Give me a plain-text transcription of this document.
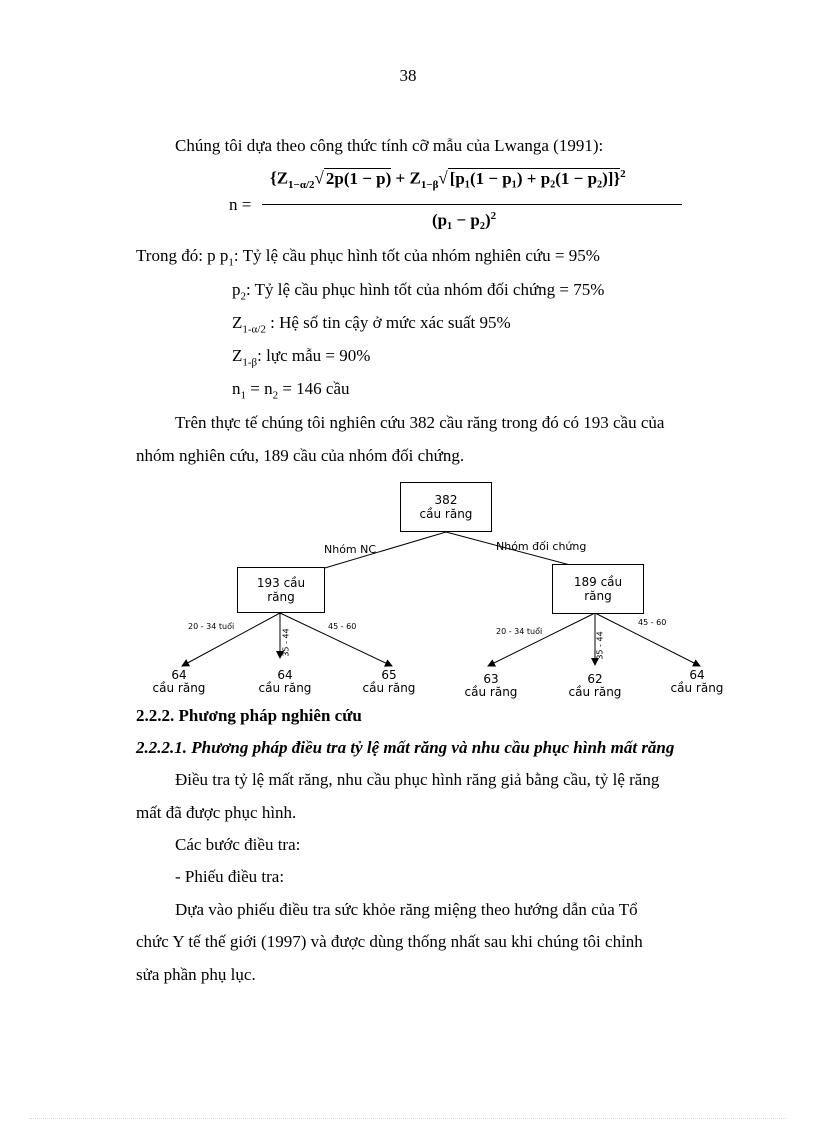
38
Chúng tôi dựa theo công thức tính cỡ mẫu của Lwanga (1991):
n =
{$Z_{1-\alpha/2}√$ $2p(1 - p) + Z_{1-\beta}√$ [p₁(1 − p₁) + p₂(1 − p₂)]}$^2$
$(p_1 - p_2)^2$
Trong đó: p $p_1$: Tỷ lệ cầu phục hình tốt của nhóm nghiên cứu = 95%
$p_2$: Tỷ lệ cầu phục hình tốt của nhóm đối chứng = 75%
$Z_{1-\alpha/2}$ : Hệ số tin cậy ở mức xác suất 95%
$Z_{1-\beta}$: lực mẫu = 90%
$n_1 = n_2 = 146$ cầu
Trên thực tế chúng tôi nghiên cứu 382 cầu răng trong đó có 193 cầu của
nhóm nghiên cứu, 189 cầu của nhóm đối chứng.
382
cầu răng
Nhóm NC	Nhóm đối chứng
193 cầu
răng
189 cầu
răng
20 - 34 tuổi
35 - 44
45 - 60
20 - 34 tuổi	35 - 44
45 - 60
64
cầu răng
64
cầu răng
65
cầu răng
63
cầu răng
62
cầu răng
64
cầu răng
2.2.2. Phương pháp nghiên cứu
2.2.2.1. Phương pháp điều tra tỷ lệ mất răng và nhu cầu phục hình mất răng
Điều tra tỷ lệ mất răng, nhu cầu phục hình răng giả bằng cầu, tỷ lệ răng
mất đã được phục hình.
Các bước điều tra:
- Phiếu điều tra:
Dựa vào phiếu điều tra sức khỏe răng miệng theo hướng dẫn của Tổ
chức Y tế thế giới (1997) và được dùng thống nhất sau khi chúng tôi chỉnh
sửa phần phụ lục.
